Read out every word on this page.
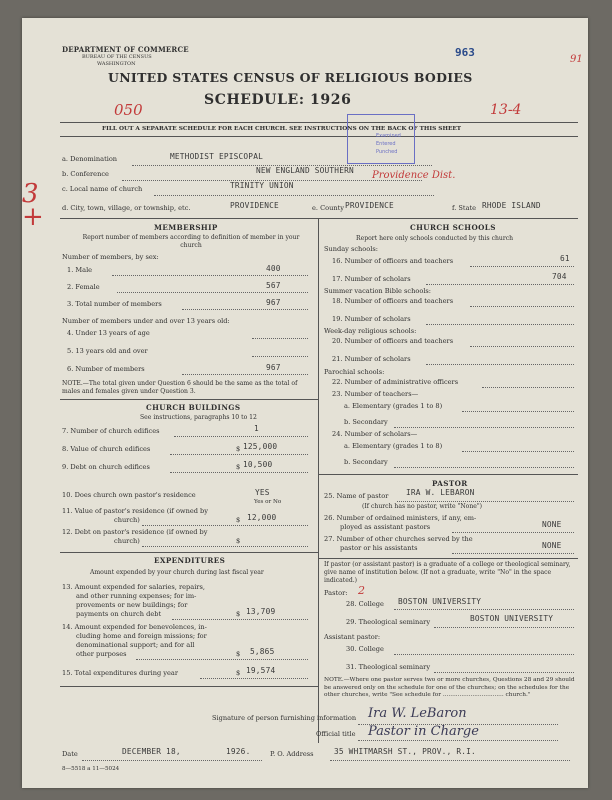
DEPARTMENT OF COMMERCE
BUREAU OF THE CENSUS
WASHINGTON
963
91
UNITED STATES CENSUS OF RELIGIOUS BODIES
SCHEDULE: 1926
050	13-4
FILL OUT A SEPARATE SCHEDULE FOR EACH CHURCH. SEE INSTRUCTIONS ON THE BACK OF THIS SHEET
Examined
Entered
Punched
3+
a. Denomination	METHODIST EPISCOPAL
b. Conference	NEW ENGLAND SOUTHERN Providence Dist.
c. Local name of church	TRINITY UNION
d. City, town, village, or township, etc.	PROVIDENCE	e. County PROVIDENCE	f. State RHODE ISLAND
MEMBERSHIP
Report number of members according to definition of member in your church
Number of members, by sex:
1. Male	400
2. Female	567
3. Total number of members	967
Number of members under and over 13 years old:
4. Under 13 years of age
5. 13 years old and over
6. Number of members	967
NOTE.—The total given under Question 6 should be the same as the total of males and females given under Question 3.
CHURCH BUILDINGS
See instructions, paragraphs 10 to 12
7. Number of church edifices	1
8. Value of church edifices	$ 125,000
9. Debt on church edifices	$ 10,500
10. Does church own pastor's residence	YES
Yes or No
11. Value of pastor's residence (if owned by
church)	$ 12,000
12. Debt on pastor's residence (if owned by
church)	$
EXPENDITURES
Amount expended by your church during last fiscal year
13. Amount expended for salaries, repairs,
and other running expenses; for im-
provements or new buildings; for
payments on church debt	$ 13,709
14. Amount expended for benevolences, in-
cluding home and foreign missions; for
denominational support; and for all
other purposes	$ 5,865
15. Total expenditures during year	$ 19,574
CHURCH SCHOOLS
Report here only schools conducted by this church
Sunday schools:
16. Number of officers and teachers	61
17. Number of scholars	704
Summer vacation Bible schools:
18. Number of officers and teachers
19. Number of scholars
Week-day religious schools:
20. Number of officers and teachers
21. Number of scholars
Parochial schools:
22. Number of administrative officers
23. Number of teachers—
a. Elementary (grades 1 to 8)
b. Secondary
24. Number of scholars—
a. Elementary (grades 1 to 8)
b. Secondary
PASTOR
25. Name of pastor IRA W. LEBARON
(If church has no pastor, write "None")
26. Number of ordained ministers, if any, em-
ployed as assistant pastors	NONE
27. Number of other churches served by the
pastor or his assistants	NONE
If pastor (or assistant pastor) is a graduate of a college or theological seminary, give name of institution below. (If not a graduate, write "No" in the space indicated.)
Pastor: 2
28. College BOSTON UNIVERSITY
29. Theological seminary	BOSTON UNIVERSITY
Assistant pastor:
30. College
31. Theological seminary
NOTE.—Where one pastor serves two or more churches, Questions 28 and 29 should be answered only on the schedule for one of the churches; on the schedules for the other churches, write "See schedule for ................................. church."
Signature of person furnishing information Ira W. LeBaron
Official title Pastor in Charge
Date	DECEMBER 18,	1926.	P. O. Address	35 WHITMARSH ST., PROV., R.I.
8—5518 a 11—5024
